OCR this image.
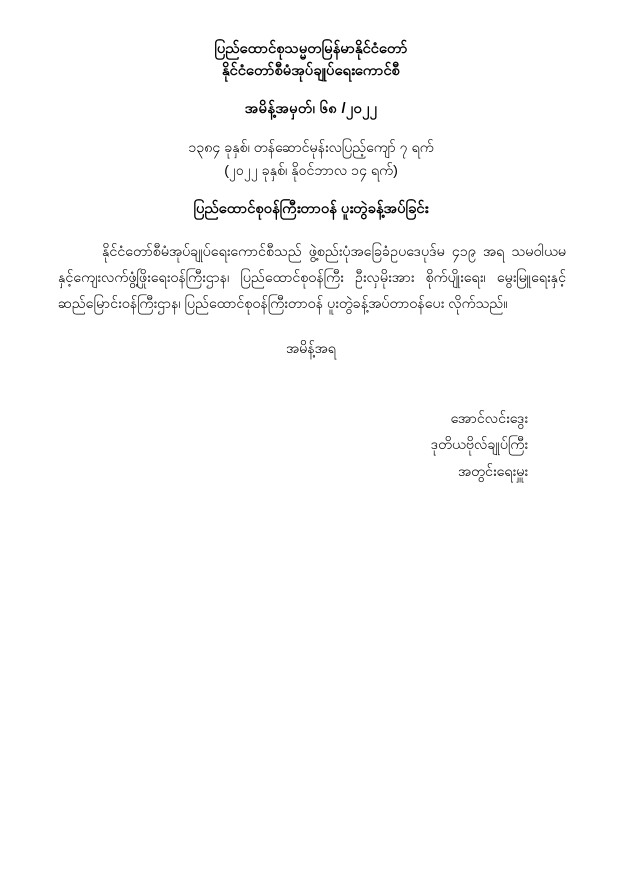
ပြည်ထောင်စုသမ္မတမြန်မာနိုင်ငံတော်
နိုင်ငံတော်စီမံအုပ်ချုပ်ရေးကောင်စီ
အမိန့်အမှတ်၊ ၆၈ /၂၀၂၂
၁၃၈၄ ခုနှစ်၊ တန်ဆောင်မုန်းလပြည့်ကျော် ၇ ရက်
(၂၀၂၂ ခုနှစ်၊ နိုဝင်ဘာလ ၁၄ ရက်)
ပြည်ထောင်စုဝန်ကြီးတာဝန် ပူးတွဲခန့်အပ်ခြင်း

နိုင်ငံတော်စီမံအုပ်ချုပ်ရေးကောင်စီသည် ဖွဲ့စည်းပုံအခြေခံဥပဒေပုဒ်မ ၄၁၉ အရ သမဝါယမနှင့်ကျေးလက်ဖွံ့ဖြိုးရေးဝန်ကြီးဌာန၊ ပြည်ထောင်စုဝန်ကြီး ဦးလှမိုးအား စိုက်ပျိုးရေး၊ မွေးမြူရေးနှင့် ဆည်မြောင်းဝန်ကြီးဌာန၊ ပြည်ထောင်စုဝန်ကြီးတာဝန် ပူးတွဲခန့်အပ်တာဝန်ပေး လိုက်သည်။

အမိန့်အရ
အောင်လင်းဒွေး
ဒုတိယဗိုလ်ချုပ်ကြီး
အတွင်းရေးမှူး
